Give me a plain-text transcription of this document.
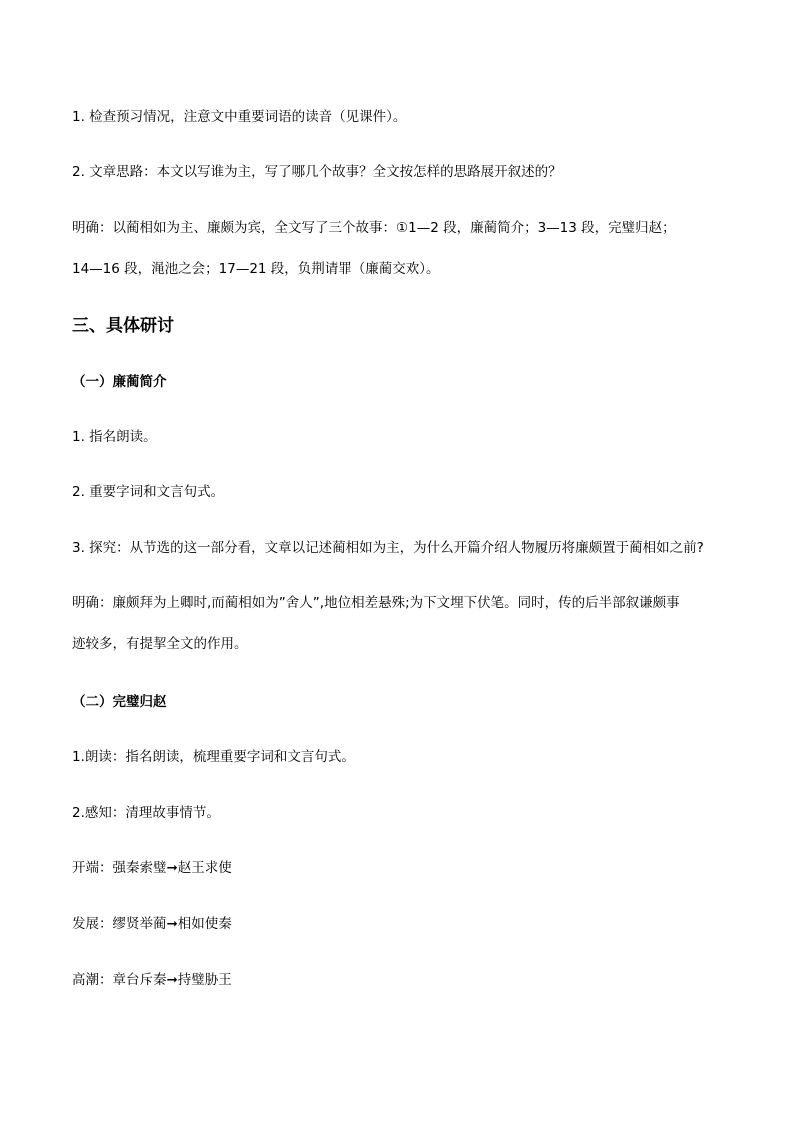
1. 检查预习情况，注意文中重要词语的读音（见课件）。
2. 文章思路：本文以写谁为主，写了哪几个故事？全文按怎样的思路展开叙述的？
明确：以蔺相如为主、廉颇为宾，全文写了三个故事：①1—2 段，廉蔺简介；3—13 段，完璧归赵；
14—16 段，渑池之会；17—21 段，负荆请罪（廉蔺交欢）。
三、具体研讨
（一）廉蔺简介
1. 指名朗读。
2. 重要字词和文言句式。
3. 探究：从节选的这一部分看，文章以记述蔺相如为主，为什么开篇介绍人物履历将廉颇置于蔺相如之前?
明确：廉颇拜为上卿时,而蔺相如为”舍人”,地位相差悬殊;为下文埋下伏笔。同时，传的后半部叙谦颇事
迹较多，有提挈全文的作用。
（二）完璧归赵
1.朗读：指名朗读，梳理重要字词和文言句式。
2.感知：清理故事情节。
开端：强秦索璧➞赵王求使
发展：缪贤举蔺➞相如使秦
高潮：章台斥秦➞持璧胁王
